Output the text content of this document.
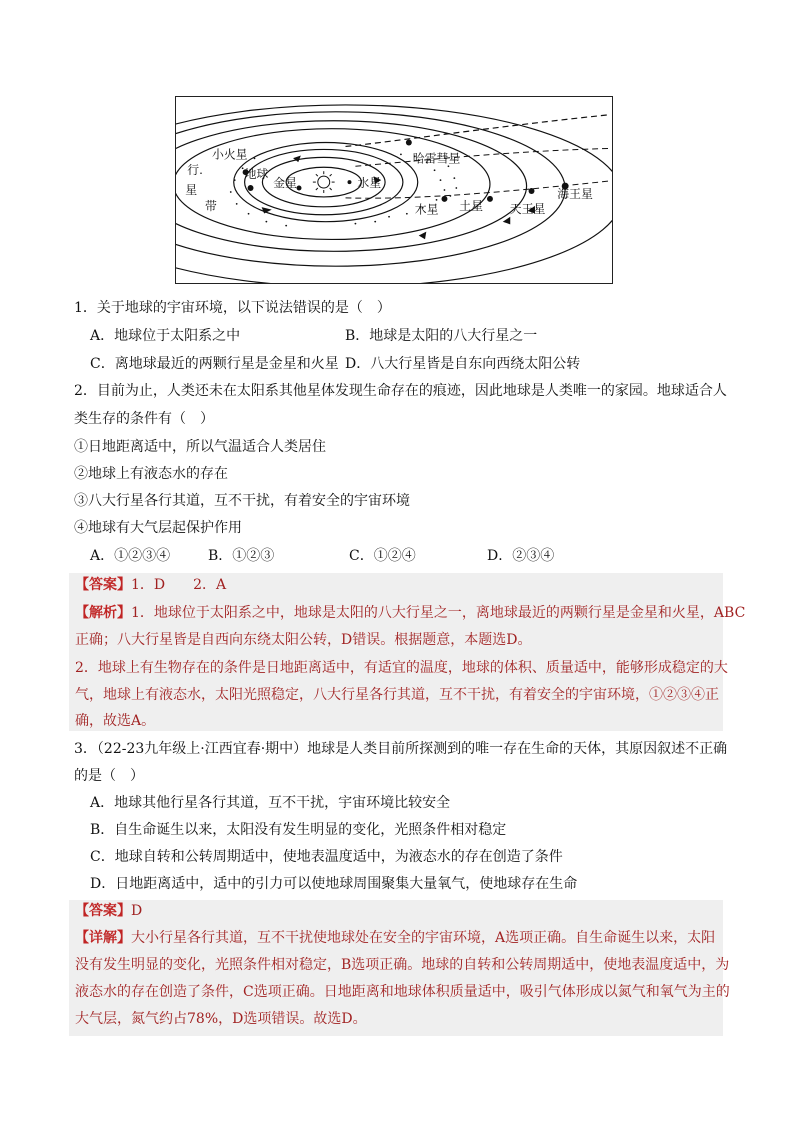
行.
星
带
小火星
地球
金星	水星
哈雷彗星
木星 土星 天王星
海王星
1．关于地球的宇宙环境，以下说法错误的是（　）
A．地球位于太阳系之中	B．地球是太阳的八大行星之一
C．离地球最近的两颗行星是金星和火星 D．八大行星皆是自东向西绕太阳公转
2．目前为止，人类还未在太阳系其他星体发现生命存在的痕迹，因此地球是人类唯一的家园。地球适合人
类生存的条件有（　）
①日地距离适中，所以气温适合人类居住
②地球上有液态水的存在
③八大行星各行其道，互不干扰，有着安全的宇宙环境
④地球有大气层起保护作用
A．①②③④	B．①②③	C．①②④	D．②③④
【答案】1．D　　2．A
【解析】1．地球位于太阳系之中，地球是太阳的八大行星之一，离地球最近的两颗行星是金星和火星，ABC
正确；八大行星皆是自西向东绕太阳公转，D错误。根据题意，本题选D。
2．地球上有生物存在的条件是日地距离适中，有适宜的温度，地球的体积、质量适中，能够形成稳定的大
气，地球上有液态水，太阳光照稳定，八大行星各行其道，互不干扰，有着安全的宇宙环境，①②③④正
确，故选A。
3．（22-23九年级上·江西宜春·期中）地球是人类目前所探测到的唯一存在生命的天体，其原因叙述不正确
的是（　）
A．地球其他行星各行其道，互不干扰，宇宙环境比较安全
B．自生命诞生以来，太阳没有发生明显的变化，光照条件相对稳定
C．地球自转和公转周期适中，使地表温度适中，为液态水的存在创造了条件
D．日地距离适中，适中的引力可以使地球周围聚集大量氧气，使地球存在生命
【答案】D
【详解】大小行星各行其道，互不干扰使地球处在安全的宇宙环境，A选项正确。自生命诞生以来，太阳
没有发生明显的变化，光照条件相对稳定，B选项正确。地球的自转和公转周期适中，使地表温度适中，为
液态水的存在创造了条件，C选项正确。日地距离和地球体积质量适中，吸引气体形成以氮气和氧气为主的
大气层，氮气约占78%，D选项错误。故选D。
